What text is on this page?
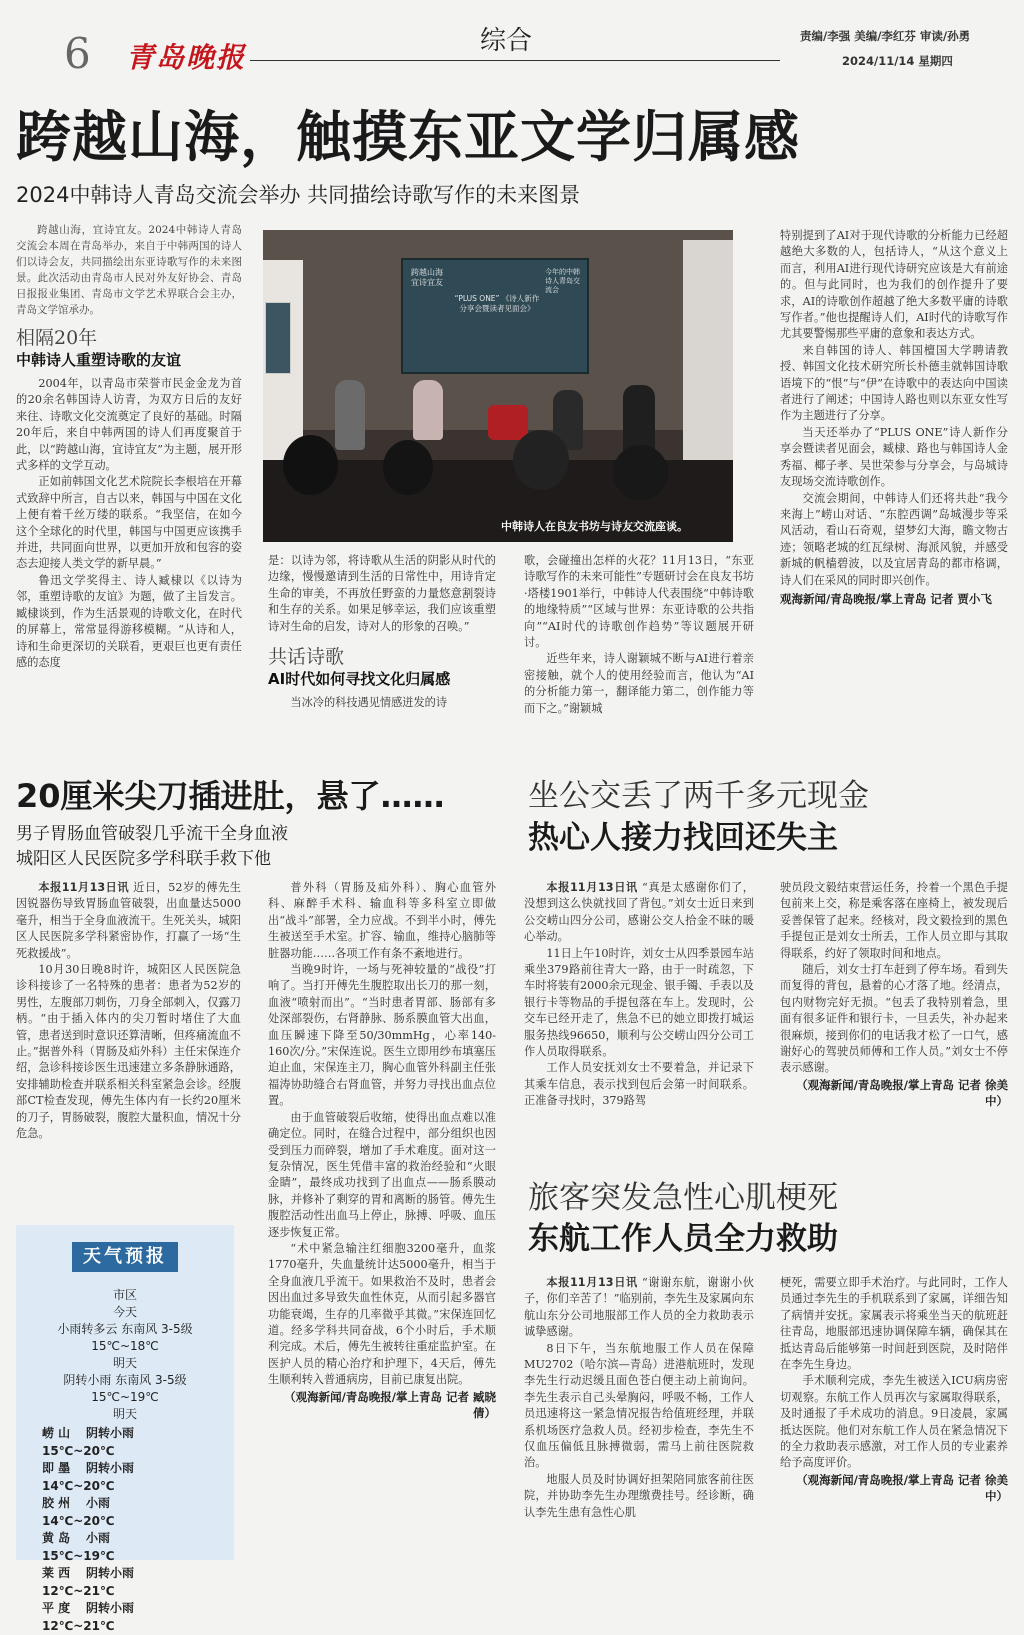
6 青岛晚报	综合	责编/李强 美编/李红芬 审读/孙勇
2024/11/14 星期四
跨越山海，触摸东亚文学归属感
2024中韩诗人青岛交流会举办 共同描绘诗歌写作的未来图景

跨越山海，宜诗宜友。2024中韩诗人青岛交流会本周在青岛举办，来自于中韩两国的诗人们以诗会友，共同描绘出东亚诗歌写作的未来图景。此次活动由青岛市人民对外友好协会、青岛日报报业集团、青岛市文学艺术界联合会主办，青岛文学馆承办。

相隔20年

中韩诗人重塑诗歌的友谊

2004年，以青岛市荣誉市民金金龙为首的20余名韩国诗人访青，为双方日后的友好来往、诗歌文化交流奠定了良好的基础。时隔20年后，来自中韩两国的诗人们再度聚首于此，以“跨越山海，宜诗宜友”为主题，展开形式多样的文学互动。

正如前韩国文化艺术院院长李根培在开幕式致辞中所言，自古以来，韩国与中国在文化上便有着千丝万缕的联系。“我坚信，在如今这个全球化的时代里，韩国与中国更应该携手并进，共同面向世界，以更加开放和包容的姿态去迎接人类文学的新早晨。”

鲁迅文学奖得主、诗人臧棣以《以诗为邻，重塑诗歌的友谊》为题，做了主旨发言。臧棣谈到，作为生活景观的诗歌文化，在时代的屏幕上，常常显得游移模糊。“从诗和人，诗和生命更深切的关联看，更艰巨也更有责任感的态度

跨越山海 宜诗宜友
“PLUS ONE” 《诗人新作分享会暨读者见面会》
今年的中韩诗人青岛交流会
中韩诗人在良友书坊与诗友交流座谈。

是：以诗为邻，将诗歌从生活的阴影从时代的边缘，慢慢邀请到生活的日常性中，用诗肯定生命的审美，不再放任野蛮的力量悠意割裂诗和生存的关系。如果足够幸运，我们应该重塑诗对生命的启发，诗对人的形象的召唤。”

共话诗歌

AI时代如何寻找文化归属感

当冰冷的科技遇见情感迸发的诗

歌，会碰撞出怎样的火花？11月13日，“东亚诗歌写作的未来可能性”专题研讨会在良友书坊·塔楼1901举行，中韩诗人代表围绕“中韩诗歌的地缘特质”“区域与世界：东亚诗歌的公共指向”“AI时代的诗歌创作趋势”等议题展开研讨。

近些年来，诗人谢颖城不断与AI进行着亲密接触，就个人的使用经验而言，他认为“AI的分析能力第一，翻译能力第二，创作能力等而下之。”谢颖城

特别提到了AI对于现代诗歌的分析能力已经超越绝大多数的人，包括诗人，“从这个意义上而言，利用AI进行现代诗研究应该是大有前途的。但与此同时，也为我们的创作提升了要求，AI的诗歌创作超越了绝大多数平庸的诗歌写作者。”他也提醒诗人们，AI时代的诗歌写作尤其要警惕那些平庸的意象和表达方式。

来自韩国的诗人、韩国檀国大学聘请教授、韩国文化技术研究所长朴德圭就韩国诗歌语境下的“恨”与“伊”在诗歌中的表达向中国读者进行了阐述；中国诗人路也则以东亚女性写作为主题进行了分享。

当天还举办了“PLUS ONE”诗人新作分享会暨读者见面会，臧棣、路也与韩国诗人金秀福、椰子孝、吴世荣参与分享会，与岛城诗友现场交流诗歌创作。

交流会期间，中韩诗人们还将共赴“我今来海上”崂山对话、“东腔西调”岛城漫步等采风活动，看山石奇观，望梦幻大海，瞻文物古迹；领略老城的红瓦绿树、海派风貌，并感受新城的帆樯碧波，以及宜居青岛的都市格调，诗人们在采风的同时即兴创作。

观海新闻/青岛晚报/掌上青岛 记者 贾小飞

20厘米尖刀插进肚，悬了……
男子胃肠血管破裂几乎流干全身血液
城阳区人民医院多学科联手救下他

本报11月13日讯 近日，52岁的傅先生因锐器伤导致胃肠血管破裂，出血量达5000毫升，相当于全身血液流干。生死关头，城阳区人民医院多学科紧密协作，打赢了一场“生死救援战”。

10月30日晚8时许，城阳区人民医院急诊科接诊了一名特殊的患者：患者为52岁的男性，左腹部刀刺伤，刀身全部刺入，仅露刀柄。“由于插入体内的尖刀暂时堵住了大血管，患者送到时意识还算清晰，但疼痛流血不止。”据普外科（胃肠及疝外科）主任宋保连介绍，急诊科接诊医生迅速建立多条静脉通路，安排辅助检查并联系相关科室紧急会诊。经腹部CT检查发现，傅先生体内有一长约20厘米的刀子，胃肠破裂，腹腔大量积血，情况十分危急。

普外科（胃肠及疝外科）、胸心血管外科、麻醉手术科、输血科等多科室立即做出“战斗”部署，全力应战。不到半小时，傅先生被送至手术室。扩容、输血，维持心脑肺等脏器功能……各项工作有条不紊地进行。

当晚9时许，一场与死神较量的“战役”打响了。当打开傅先生腹腔取出长刀的那一刻，血液“喷射而出”。“当时患者胃部、肠部有多处深部裂伤，右肾静脉、肠系膜血管大出血，血压瞬速下降至50/30mmHg，心率140-160次/分。”宋保连说。医生立即用纱布填塞压迫止血，宋保连主刀，胸心血管外科副主任张福涛协助缝合右肾血管，并努力寻找出血点位置。

由于血管破裂后收缩，使得出血点难以准确定位。同时，在缝合过程中，部分组织也因受到压力而碎裂，增加了手术难度。面对这一复杂情况，医生凭借丰富的救治经验和“火眼金睛”，最终成功找到了出血点——肠系膜动脉，并修补了剩穿的胃和离断的肠管。傅先生腹腔活动性出血马上停止，脉搏、呼吸、血压逐步恢复正常。

“术中紧急输注红细胞3200毫升，血浆1770毫升，失血量统计达5000毫升，相当于全身血液几乎流干。如果救治不及时，患者会因出血过多导致失血性休克，从而引起多器官功能衰竭，生存的几率微乎其微。”宋保连回忆道。经多学科共同奋战，6个小时后，手术顺利完成。术后，傅先生被转往重症监护室。在医护人员的精心治疗和护理下，4天后，傅先生顺利转入普通病房，目前已康复出院。

（观海新闻/青岛晚报/掌上青岛 记者 臧晓倩）

天气预报
市区
今天
小雨转多云 东南风 3-5级
15℃~18℃
明天
阴转小雨 东南风 3-5级
15℃~19℃
明天
崂 山 阴转小雨15℃~20℃
即 墨 阴转小雨14℃~20℃
胶 州 小雨14℃~20℃
黄 岛 小雨15℃~19℃
莱 西 阴转小雨12℃~21℃
平 度 阴转小雨12℃~21℃
坐公交丢了两千多元现金
热心人接力找回还失主

本报11月13日讯 “真是太感谢你们了，没想到这么快就找回了背包。”刘女士近日来到公交崂山四分公司，感谢公交人拾金不昧的暖心举动。

11日上午10时许，刘女士从四季景园车站乘坐379路前往青大一路，由于一时疏忽，下车时将装有2000余元现金、银手镯、手表以及银行卡等物品的手提包落在车上。发现时，公交车已经开走了，焦急不已的她立即拨打城运服务热线96650，顺利与公交崂山四分公司工作人员取得联系。

工作人员安抚刘女士不要着急，并记录下其乘车信息，表示找到包后会第一时间联系。正准备寻找时，379路驾

驶员段文毅结束营运任务，拎着一个黑色手提包前来上交，称是乘客落在座椅上，被发现后妥善保管了起来。经核对，段文毅捡到的黑色手提包正是刘女士所丢，工作人员立即与其取得联系，约好了领取时间和地点。

随后，刘女士打车赶到了停车场。看到失而复得的背包，悬着的心才落了地。经清点，包内财物完好无损。“包丢了我特别着急，里面有很多证件和银行卡，一旦丢失，补办起来很麻烦，接到你们的电话我才松了一口气，感谢好心的驾驶员师傅和工作人员。”刘女士不停表示感谢。

（观海新闻/青岛晚报/掌上青岛 记者 徐美中）

旅客突发急性心肌梗死
东航工作人员全力救助

本报11月13日讯 “谢谢东航，谢谢小伙子，你们辛苦了！”临别前，李先生及家属向东航山东分公司地服部工作人员的全力救助表示诚挚感谢。

8日下午，当东航地服工作人员在保障MU2702（哈尔滨—青岛）进港航班时，发现李先生行动迟缓且面色苍白便主动上前询问。李先生表示自己头晕胸闷，呼吸不畅，工作人员迅速将这一紧急情况报告给值班经理，并联系机场医疗急救人员。经初步检查，李先生不仅血压偏低且脉搏微弱，需马上前往医院救治。

地服人员及时协调好担架陪同旅客前往医院，并协助李先生办理缴费挂号。经诊断，确认李先生患有急性心肌

梗死，需要立即手术治疗。与此同时，工作人员通过李先生的手机联系到了家属，详细告知了病情并安抚。家属表示将乘坐当天的航班赶往青岛，地服部迅速协调保障车辆，确保其在抵达青岛后能够第一时间赶到医院，及时陪伴在李先生身边。

手术顺利完成，李先生被送入ICU病房密切观察。东航工作人员再次与家属取得联系，及时通报了手术成功的消息。9日凌晨，家属抵达医院。他们对东航工作人员在紧急情况下的全力救助表示感激，对工作人员的专业素养给予高度评价。

（观海新闻/青岛晚报/掌上青岛 记者 徐美中）
